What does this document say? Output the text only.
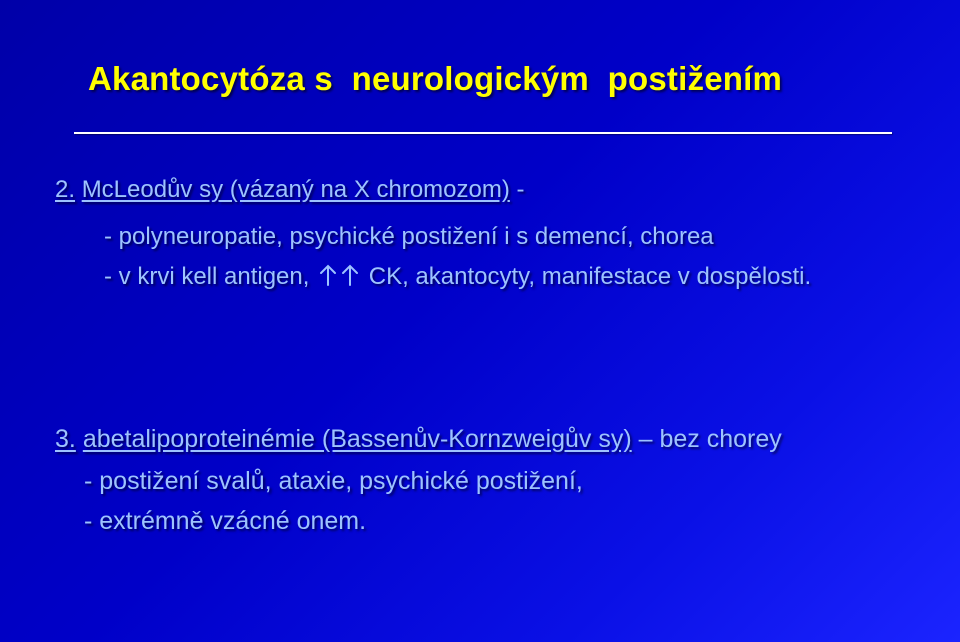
Akantocytóza s  neurologickým  postižením
2. McLeodův sy (vázaný na X chromozom) -
- polyneuropatie, psychické postižení i s demencí, chorea
- v krvi kell antigen,
CK, akantocyty, manifestace v dospělosti.
3. abetalipoproteinémie (Bassenův-Kornzweigův sy) – bez chorey
- postižení svalů, ataxie, psychické postižení,
- extrémně vzácné onem.
